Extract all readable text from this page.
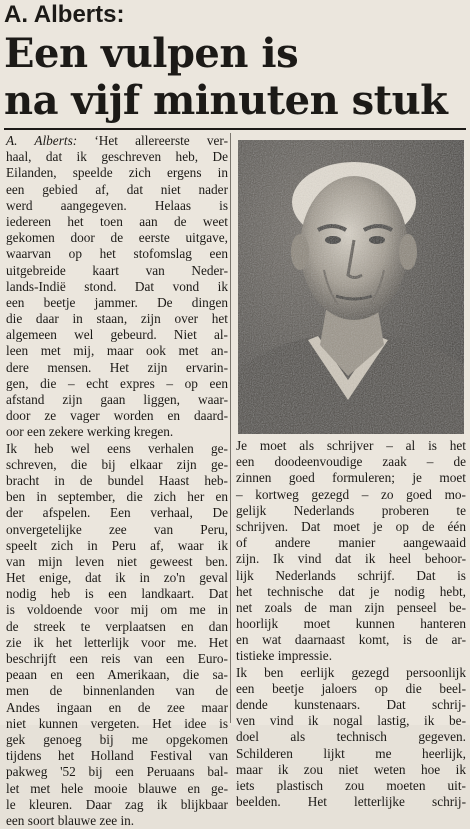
A. Alberts:
Een vulpen is
na vijf minuten stuk
A. Alberts: ‘Het allereerste ver-
haal, dat ik geschreven heb, De
Eilanden, speelde zich ergens in
een gebied af, dat niet nader
werd aangegeven. Helaas is
iedereen het toen aan de weet
gekomen door de eerste uitgave,
waarvan op het stofomslag een
uitgebreide kaart van Neder-
lands-Indië stond. Dat vond ik
een beetje jammer. De dingen
die daar in staan, zijn over het
algemeen wel gebeurd. Niet al-
leen met mij, maar ook met an-
dere mensen. Het zijn ervarin-
gen, die – echt expres – op een
afstand zijn gaan liggen, waar-
door ze vager worden en daard-
oor een zekere werking kregen.
Ik heb wel eens verhalen ge-
schreven, die bij elkaar zijn ge-
bracht in de bundel Haast heb-
ben in september, die zich her en
der afspelen. Een verhaal, De
onvergetelijke zee van Peru,
speelt zich in Peru af, waar ik
van mijn leven niet geweest ben.
Het enige, dat ik in zo'n geval
nodig heb is een landkaart. Dat
is voldoende voor mij om me in
de streek te verplaatsen en dan
zie ik het letterlijk voor me. Het
beschrijft een reis van een Euro-
peaan en een Amerikaan, die sa-
men de binnenlanden van de
Andes ingaan en de zee maar
niet kunnen vergeten. Het idee is
gek genoeg bij me opgekomen
tijdens het Holland Festival van
pakweg '52 bij een Peruaans bal-
let met hele mooie blauwe en ge-
le kleuren. Daar zag ik blijkbaar
een soort blauwe zee in.
Je moet als schrijver – al is het
een doodeenvoudige zaak – de
zinnen goed formuleren; je moet
– kortweg gezegd – zo goed mo-
gelijk Nederlands proberen te
schrijven. Dat moet je op de één
of andere manier aangewaaid
zijn. Ik vind dat ik heel behoor-
lijk Nederlands schrijf. Dat is
het technische dat je nodig hebt,
net zoals de man zijn penseel be-
hoorlijk moet kunnen hanteren
en wat daarnaast komt, is de ar-
tistieke impressie.
Ik ben eerlijk gezegd persoonlijk
een beetje jaloers op die beel-
dende kunstenaars. Dat schrij-
ven vind ik nogal lastig, ik be-
doel als technisch gegeven.
Schilderen lijkt me heerlijk,
maar ik zou niet weten hoe ik
iets plastisch zou moeten uit-
beelden. Het letterlijke schrij-
